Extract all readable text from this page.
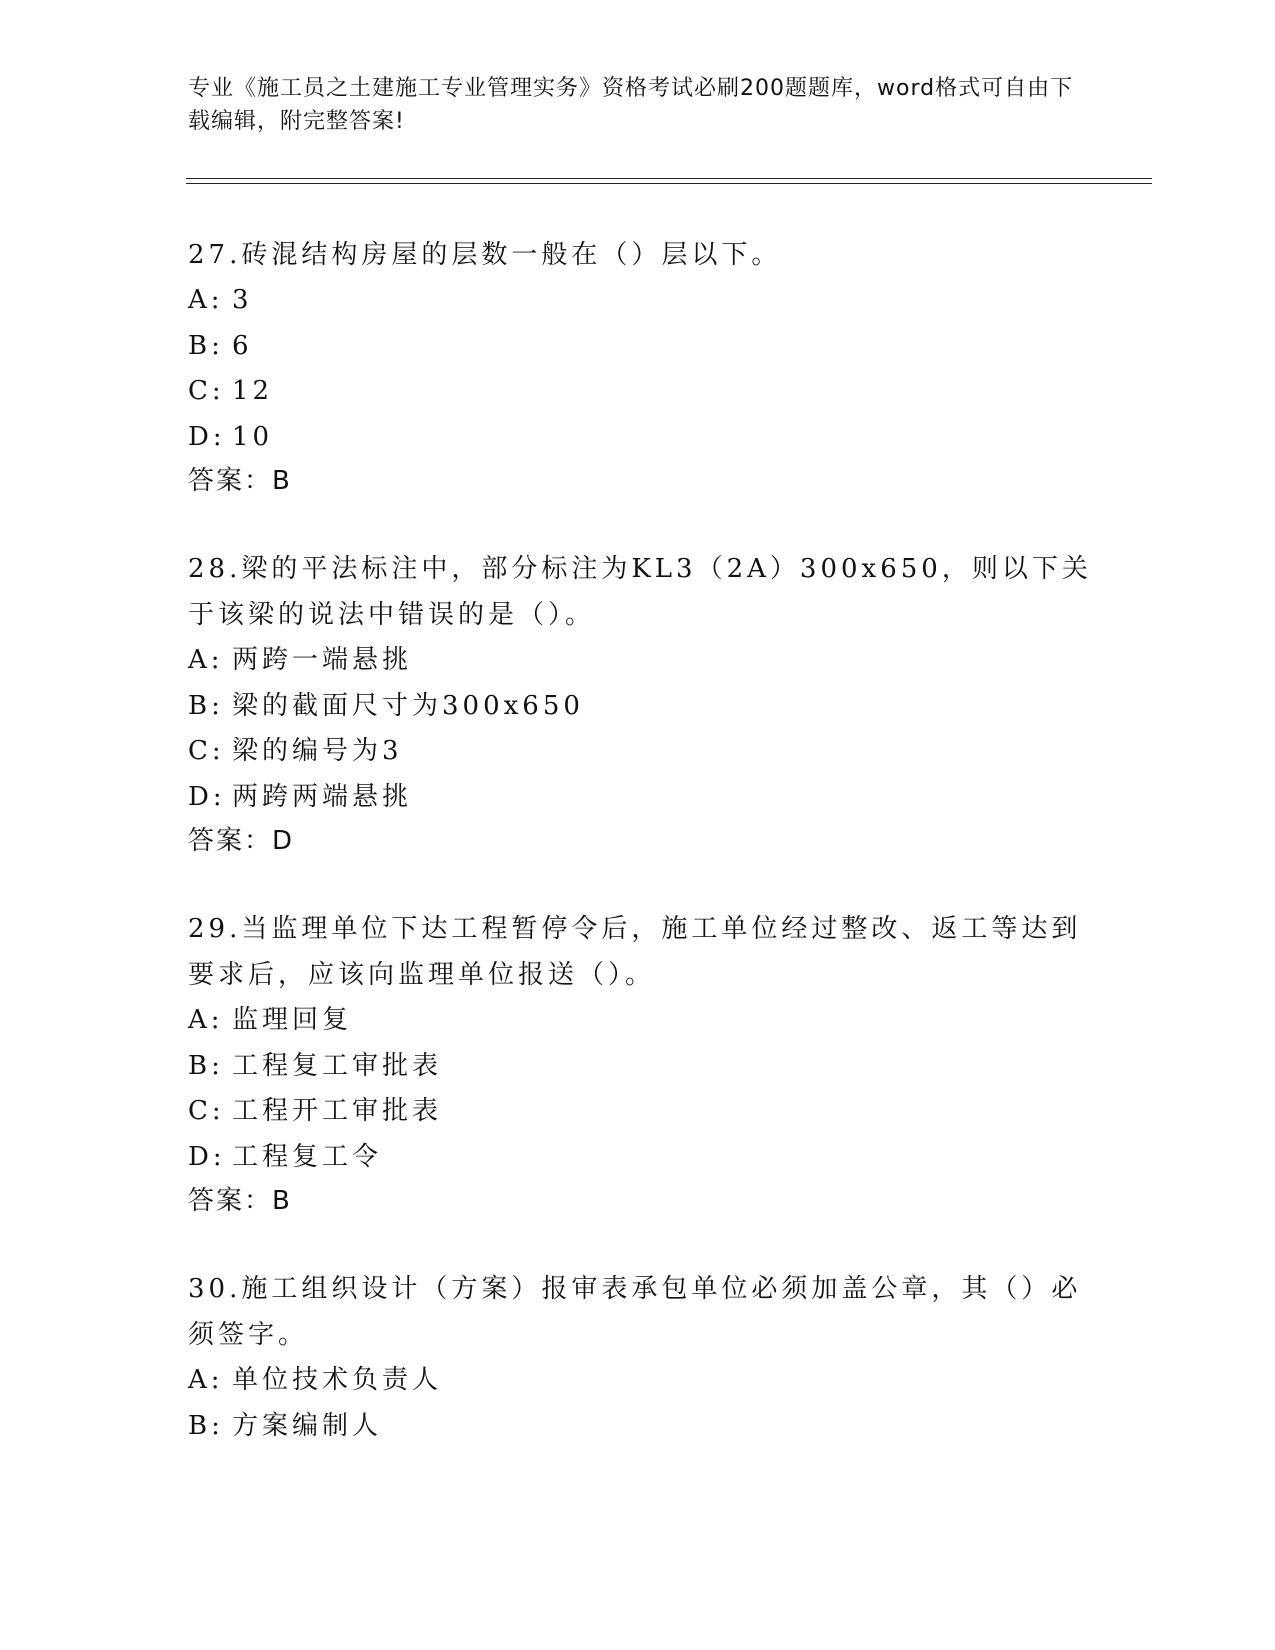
专业《施工员之土建施工专业管理实务》资格考试必刷200题题库，word格式可自由下载编辑，附完整答案!
27.砖混结构房屋的层数一般在（）层以下。
A: 3
B: 6
C: 12
D: 10
答案：B
28.梁的平法标注中，部分标注为KL3（2A）300x650，则以下关于该梁的说法中错误的是（）。
A: 两跨一端悬挑
B: 梁的截面尺寸为300x650
C: 梁的编号为3
D: 两跨两端悬挑
答案：D
29.当监理单位下达工程暂停令后，施工单位经过整改、返工等达到要求后，应该向监理单位报送（）。
A: 监理回复
B: 工程复工审批表
C: 工程开工审批表
D: 工程复工令
答案：B
30.施工组织设计（方案）报审表承包单位必须加盖公章，其（）必须签字。
A: 单位技术负责人
B: 方案编制人
